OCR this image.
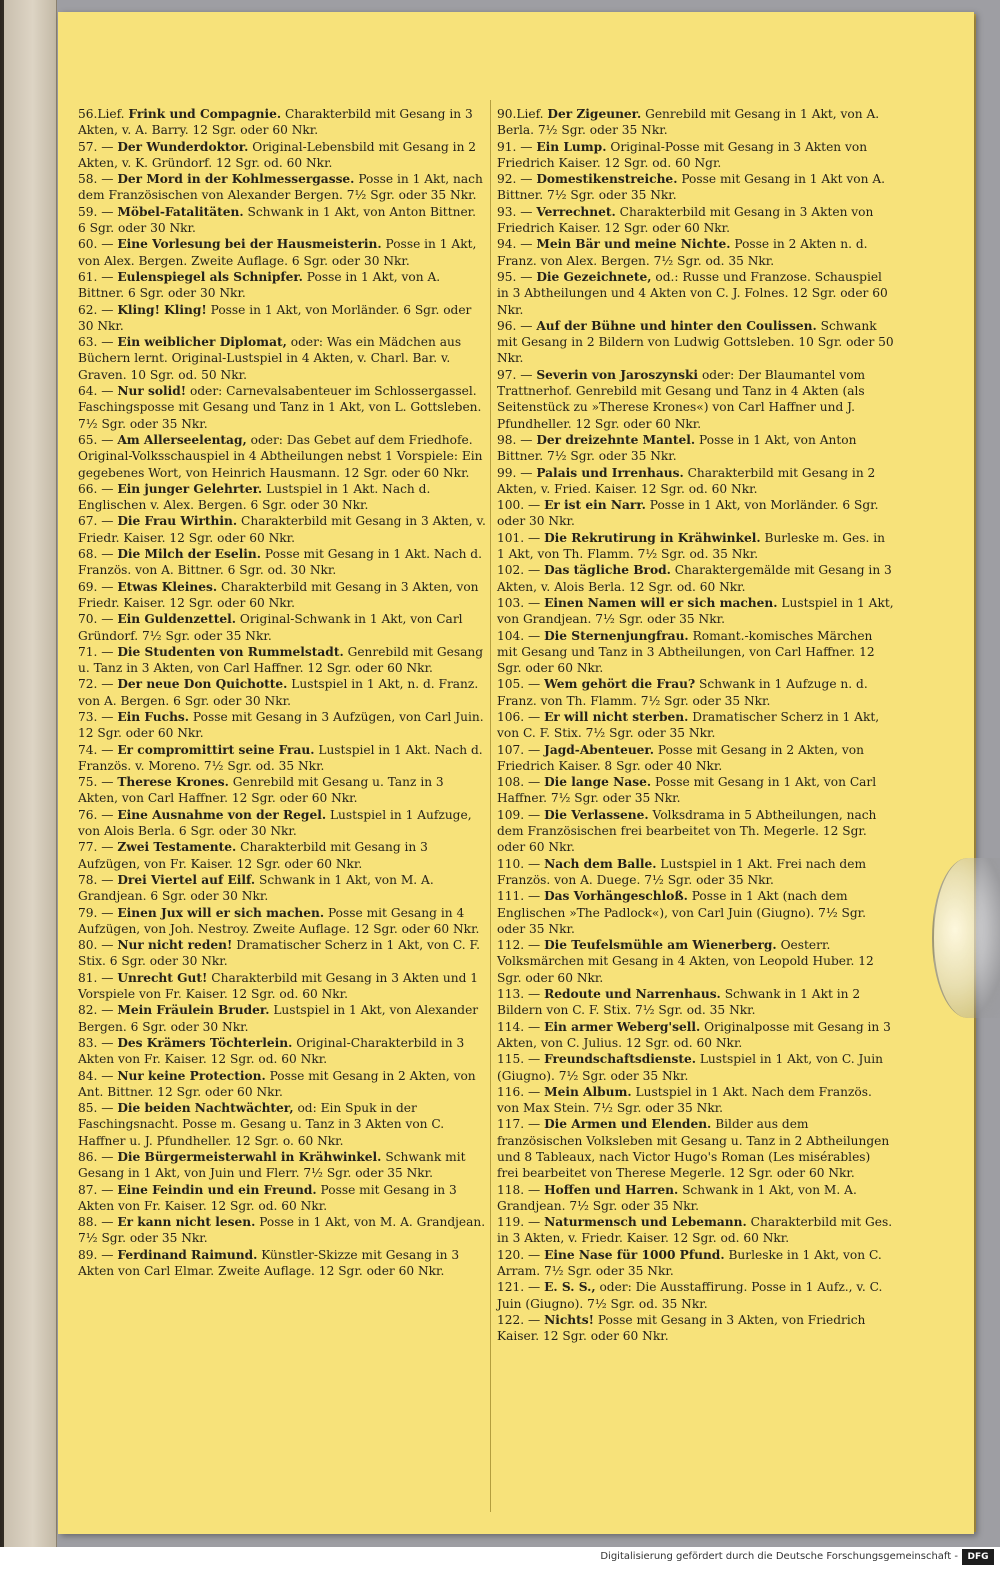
56.Lief. Frink und Compagnie. Charakterbild mit Gesang in 3 Akten, v. A. Barry. 12 Sgr. oder 60 Nkr.

57. — Der Wunderdoktor. Original-Lebensbild mit Gesang in 2 Akten, v. K. Gründorf. 12 Sgr. od. 60 Nkr.

58. — Der Mord in der Kohlmessergasse. Posse in 1 Akt, nach dem Französischen von Alexander Bergen. 7½ Sgr. oder 35 Nkr.

59. — Möbel-Fatalitäten. Schwank in 1 Akt, von Anton Bittner. 6 Sgr. oder 30 Nkr.

60. — Eine Vorlesung bei der Hausmeisterin. Posse in 1 Akt, von Alex. Bergen. Zweite Auflage. 6 Sgr. oder 30 Nkr.

61. — Eulenspiegel als Schnipfer. Posse in 1 Akt, von A. Bittner. 6 Sgr. oder 30 Nkr.

62. — Kling! Kling! Posse in 1 Akt, von Morländer. 6 Sgr. oder 30 Nkr.

63. — Ein weiblicher Diplomat, oder: Was ein Mädchen aus Büchern lernt. Original-Lustspiel in 4 Akten, v. Charl. Bar. v. Graven. 10 Sgr. od. 50 Nkr.

64. — Nur solid! oder: Carnevalsabenteuer im Schlossergassel. Faschingsposse mit Gesang und Tanz in 1 Akt, von L. Gottsleben. 7½ Sgr. oder 35 Nkr.

65. — Am Allerseelentag, oder: Das Gebet auf dem Friedhofe. Original-Volksschauspiel in 4 Abtheilungen nebst 1 Vorspiele: Ein gegebenes Wort, von Heinrich Hausmann. 12 Sgr. oder 60 Nkr.

66. — Ein junger Gelehrter. Lustspiel in 1 Akt. Nach d. Englischen v. Alex. Bergen. 6 Sgr. oder 30 Nkr.

67. — Die Frau Wirthin. Charakterbild mit Gesang in 3 Akten, v. Friedr. Kaiser. 12 Sgr. oder 60 Nkr.

68. — Die Milch der Eselin. Posse mit Gesang in 1 Akt. Nach d. Französ. von A. Bittner. 6 Sgr. od. 30 Nkr.

69. — Etwas Kleines. Charakterbild mit Gesang in 3 Akten, von Friedr. Kaiser. 12 Sgr. oder 60 Nkr.

70. — Ein Guldenzettel. Original-Schwank in 1 Akt, von Carl Gründorf. 7½ Sgr. oder 35 Nkr.

71. — Die Studenten von Rummelstadt. Genrebild mit Gesang u. Tanz in 3 Akten, von Carl Haffner. 12 Sgr. oder 60 Nkr.

72. — Der neue Don Quichotte. Lustspiel in 1 Akt, n. d. Franz. von A. Bergen. 6 Sgr. oder 30 Nkr.

73. — Ein Fuchs. Posse mit Gesang in 3 Aufzügen, von Carl Juin. 12 Sgr. oder 60 Nkr.

74. — Er compromittirt seine Frau. Lustspiel in 1 Akt. Nach d. Französ. v. Moreno. 7½ Sgr. od. 35 Nkr.

75. — Therese Krones. Genrebild mit Gesang u. Tanz in 3 Akten, von Carl Haffner. 12 Sgr. oder 60 Nkr.

76. — Eine Ausnahme von der Regel. Lustspiel in 1 Aufzuge, von Alois Berla. 6 Sgr. oder 30 Nkr.

77. — Zwei Testamente. Charakterbild mit Gesang in 3 Aufzügen, von Fr. Kaiser. 12 Sgr. oder 60 Nkr.

78. — Drei Viertel auf Eilf. Schwank in 1 Akt, von M. A. Grandjean. 6 Sgr. oder 30 Nkr.

79. — Einen Jux will er sich machen. Posse mit Gesang in 4 Aufzügen, von Joh. Nestroy. Zweite Auflage. 12 Sgr. oder 60 Nkr.

80. — Nur nicht reden! Dramatischer Scherz in 1 Akt, von C. F. Stix. 6 Sgr. oder 30 Nkr.

81. — Unrecht Gut! Charakterbild mit Gesang in 3 Akten und 1 Vorspiele von Fr. Kaiser. 12 Sgr. od. 60 Nkr.

82. — Mein Fräulein Bruder. Lustspiel in 1 Akt, von Alexander Bergen. 6 Sgr. oder 30 Nkr.

83. — Des Krämers Töchterlein. Original-Charakterbild in 3 Akten von Fr. Kaiser. 12 Sgr. od. 60 Nkr.

84. — Nur keine Protection. Posse mit Gesang in 2 Akten, von Ant. Bittner. 12 Sgr. oder 60 Nkr.

85. — Die beiden Nachtwächter, od: Ein Spuk in der Faschingsnacht. Posse m. Gesang u. Tanz in 3 Akten von C. Haffner u. J. Pfundheller. 12 Sgr. o. 60 Nkr.

86. — Die Bürgermeisterwahl in Krähwinkel. Schwank mit Gesang in 1 Akt, von Juin und Flerr. 7½ Sgr. oder 35 Nkr.

87. — Eine Feindin und ein Freund. Posse mit Gesang in 3 Akten von Fr. Kaiser. 12 Sgr. od. 60 Nkr.

88. — Er kann nicht lesen. Posse in 1 Akt, von M. A. Grandjean. 7½ Sgr. oder 35 Nkr.

89. — Ferdinand Raimund. Künstler-Skizze mit Gesang in 3 Akten von Carl Elmar. Zweite Auflage. 12 Sgr. oder 60 Nkr.

90.Lief. Der Zigeuner. Genrebild mit Gesang in 1 Akt, von A. Berla. 7½ Sgr. oder 35 Nkr.

91. — Ein Lump. Original-Posse mit Gesang in 3 Akten von Friedrich Kaiser. 12 Sgr. od. 60 Ngr.

92. — Domestikenstreiche. Posse mit Gesang in 1 Akt von A. Bittner. 7½ Sgr. oder 35 Nkr.

93. — Verrechnet. Charakterbild mit Gesang in 3 Akten von Friedrich Kaiser. 12 Sgr. oder 60 Nkr.

94. — Mein Bär und meine Nichte. Posse in 2 Akten n. d. Franz. von Alex. Bergen. 7½ Sgr. od. 35 Nkr.

95. — Die Gezeichnete, od.: Russe und Franzose. Schauspiel in 3 Abtheilungen und 4 Akten von C. J. Folnes. 12 Sgr. oder 60 Nkr.

96. — Auf der Bühne und hinter den Coulissen. Schwank mit Gesang in 2 Bildern von Ludwig Gottsleben. 10 Sgr. oder 50 Nkr.

97. — Severin von Jaroszynski oder: Der Blaumantel vom Trattnerhof. Genrebild mit Gesang und Tanz in 4 Akten (als Seitenstück zu »Therese Krones«) von Carl Haffner und J. Pfundheller. 12 Sgr. oder 60 Nkr.

98. — Der dreizehnte Mantel. Posse in 1 Akt, von Anton Bittner. 7½ Sgr. oder 35 Nkr.

99. — Palais und Irrenhaus. Charakterbild mit Gesang in 2 Akten, v. Fried. Kaiser. 12 Sgr. od. 60 Nkr.

100. — Er ist ein Narr. Posse in 1 Akt, von Morländer. 6 Sgr. oder 30 Nkr.

101. — Die Rekrutirung in Krähwinkel. Burleske m. Ges. in 1 Akt, von Th. Flamm. 7½ Sgr. od. 35 Nkr.

102. — Das tägliche Brod. Charaktergemälde mit Gesang in 3 Akten, v. Alois Berla. 12 Sgr. od. 60 Nkr.

103. — Einen Namen will er sich machen. Lustspiel in 1 Akt, von Grandjean. 7½ Sgr. oder 35 Nkr.

104. — Die Sternenjungfrau. Romant.-komisches Märchen mit Gesang und Tanz in 3 Abtheilungen, von Carl Haffner. 12 Sgr. oder 60 Nkr.

105. — Wem gehört die Frau? Schwank in 1 Aufzuge n. d. Franz. von Th. Flamm. 7½ Sgr. oder 35 Nkr.

106. — Er will nicht sterben. Dramatischer Scherz in 1 Akt, von C. F. Stix. 7½ Sgr. oder 35 Nkr.

107. — Jagd-Abenteuer. Posse mit Gesang in 2 Akten, von Friedrich Kaiser. 8 Sgr. oder 40 Nkr.

108. — Die lange Nase. Posse mit Gesang in 1 Akt, von Carl Haffner. 7½ Sgr. oder 35 Nkr.

109. — Die Verlassene. Volksdrama in 5 Abtheilungen, nach dem Französischen frei bearbeitet von Th. Megerle. 12 Sgr. oder 60 Nkr.

110. — Nach dem Balle. Lustspiel in 1 Akt. Frei nach dem Französ. von A. Duege. 7½ Sgr. oder 35 Nkr.

111. — Das Vorhängeschloß. Posse in 1 Akt (nach dem Englischen »The Padlock«), von Carl Juin (Giugno). 7½ Sgr. oder 35 Nkr.

112. — Die Teufelsmühle am Wienerberg. Oesterr. Volksmärchen mit Gesang in 4 Akten, von Leopold Huber. 12 Sgr. oder 60 Nkr.

113. — Redoute und Narrenhaus. Schwank in 1 Akt in 2 Bildern von C. F. Stix. 7½ Sgr. od. 35 Nkr.

114. — Ein armer Weberg'sell. Originalposse mit Gesang in 3 Akten, von C. Julius. 12 Sgr. od. 60 Nkr.

115. — Freundschaftsdienste. Lustspiel in 1 Akt, von C. Juin (Giugno). 7½ Sgr. oder 35 Nkr.

116. — Mein Album. Lustspiel in 1 Akt. Nach dem Französ. von Max Stein. 7½ Sgr. oder 35 Nkr.

117. — Die Armen und Elenden. Bilder aus dem französischen Volksleben mit Gesang u. Tanz in 2 Abtheilungen und 8 Tableaux, nach Victor Hugo's Roman (Les misérables) frei bearbeitet von Therese Megerle. 12 Sgr. oder 60 Nkr.

118. — Hoffen und Harren. Schwank in 1 Akt, von M. A. Grandjean. 7½ Sgr. oder 35 Nkr.

119. — Naturmensch und Lebemann. Charakterbild mit Ges. in 3 Akten, v. Friedr. Kaiser. 12 Sgr. od. 60 Nkr.

120. — Eine Nase für 1000 Pfund. Burleske in 1 Akt, von C. Arram. 7½ Sgr. oder 35 Nkr.

121. — E. S. S., oder: Die Ausstaffirung. Posse in 1 Aufz., v. C. Juin (Giugno). 7½ Sgr. od. 35 Nkr.

122. — Nichts! Posse mit Gesang in 3 Akten, von Friedrich Kaiser. 12 Sgr. oder 60 Nkr.

Digitalisierung gefördert durch die Deutsche Forschungsgemeinschaft -	DFG
